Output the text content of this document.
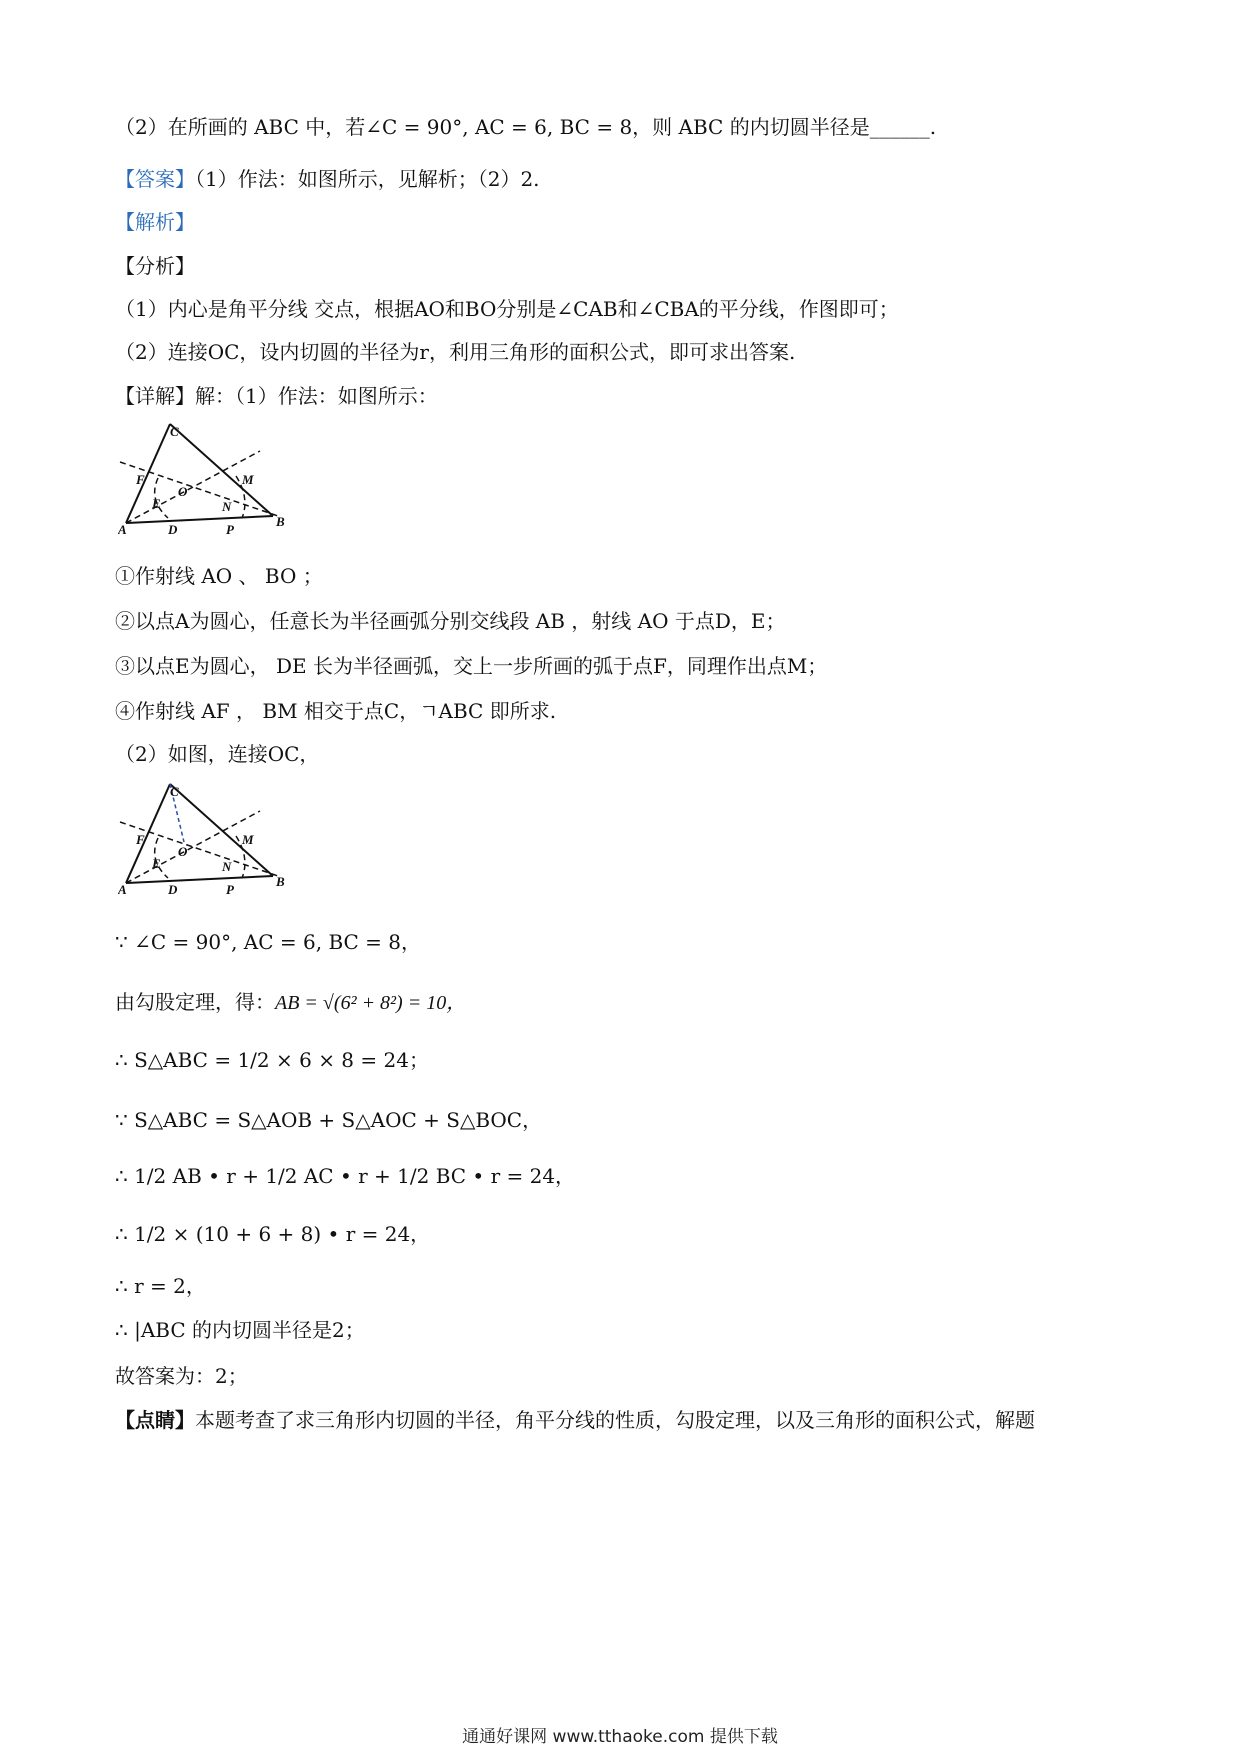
（2）在所画的 ABC 中，若∠C = 90°, AC = 6, BC = 8，则 ABC 的内切圆半径是______.
【答案】（1）作法：如图所示，见解析；（2）2.
【解析】
【分析】
（1）内心是角平分线 交点，根据AO和BO分别是∠CAB和∠CBA的平分线，作图即可；
（2）连接OC，设内切圆的半径为r，利用三角形的面积公式，即可求出答案.
【详解】解：（1）作法：如图所示：
C
F	M
O
E	N
A	D	P
B
①作射线 AO 、 BO ；
②以点A为圆心，任意长为半径画弧分别交线段 AB ，射线 AO 于点D，E；
③以点E为圆心， DE 长为半径画弧，交上一步所画的弧于点F，同理作出点M；
④作射线 AF ， BM 相交于点C，ㄱABC 即所求.
（2）如图，连接OC，
C
F	M
O
E	N
A	D	P
B
∵ ∠C = 90°, AC = 6, BC = 8，
由勾股定理，得：AB = √(6² + 8²) = 10，
∴ S△ABC = 1/2 × 6 × 8 = 24；
∵ S△ABC = S△AOB + S△AOC + S△BOC，
∴ 1/2 AB • r + 1/2 AC • r + 1/2 BC • r = 24，
∴ 1/2 × (10 + 6 + 8) • r = 24，
∴ r = 2，
∴ |ABC 的内切圆半径是2；
故答案为：2；
【点睛】本题考查了求三角形内切圆的半径，角平分线的性质，勾股定理，以及三角形的面积公式，解题
通通好课网 www.tthaoke.com 提供下载
